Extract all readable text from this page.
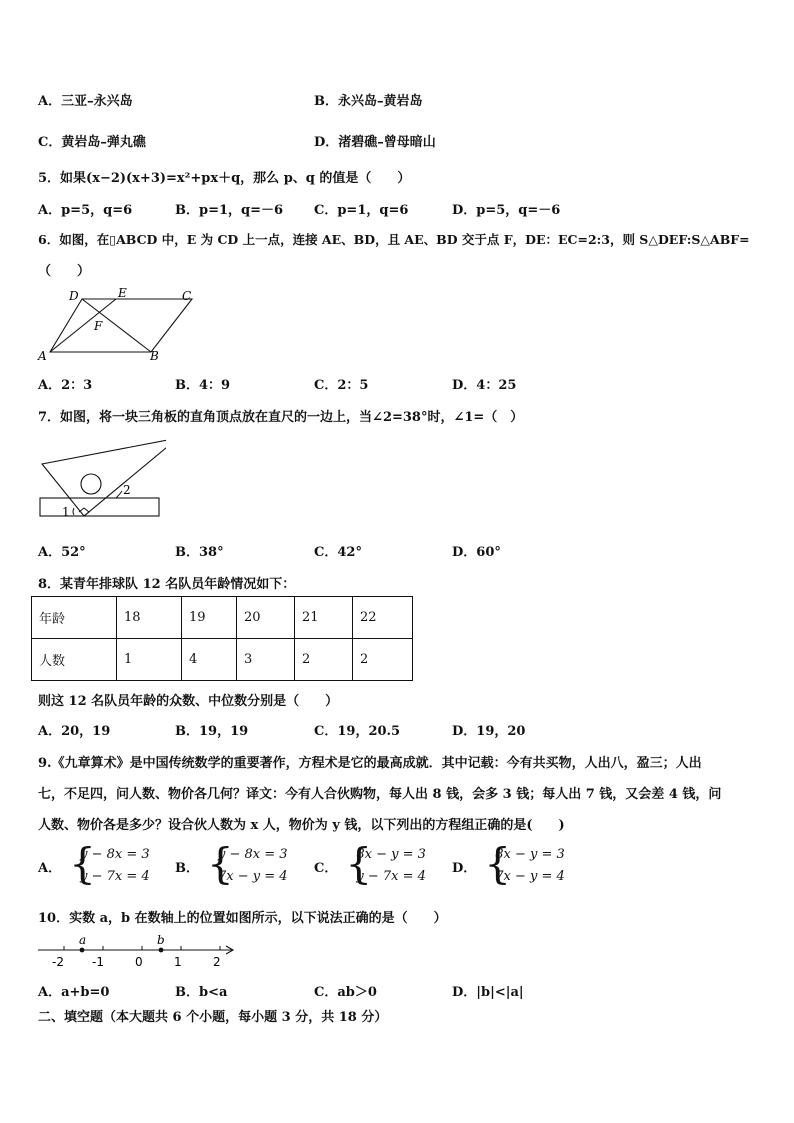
A．三亚–永兴岛	B．永兴岛–黄岩岛
C．黄岩岛–弹丸礁	D．渚碧礁–曾母暗山
5．如果(x−2)(x+3)=x²+px＋q，那么 p、q 的值是（　　）
A．p=5，q=6	B．p=1，q=－6 C．p=1，q=6	D．p=5，q=－6
6．如图，在▯ABCD 中，E 为 CD 上一点，连接 AE、BD，且 AE、BD 交于点 F，DE：EC=2:3，则 S△DEF:S△ABF=
（　　）
D	E	C
F
A	B
A．2：3	B．4：9	C．2：5	D．4：25
7．如图，将一块三角板的直角顶点放在直尺的一边上，当∠2=38°时，∠1=（　）
2
1
A．52°	B．38°	C．42°	D．60°
8．某青年排球队 12 名队员年龄情况如下：
年龄	18	19	20	21	22
人数	1	4	3	2	2
则这 12 名队员年龄的众数、中位数分别是（　　）
A．20，19	B．19，19	C．19，20.5	D．19，20
9.《九章算术》是中国传统数学的重要著作，方程术是它的最高成就．其中记载：今有共买物，人出八，盈三；人出
七，不足四，问人数、物价各几何？译文：今有人合伙购物，每人出 8 钱，会多 3 钱；每人出 7 钱，又会差 4 钱，问
人数、物价各是多少？设合伙人数为 x 人，物价为 y 钱，以下列出的方程组正确的是(　　)
A． {
y − 8x = 3
y − 7x = 4
B． {
y − 8x = 3
7x − y = 4
C． {
8x − y = 3
y − 7x = 4
D． {
8x − y = 3
7x − y = 4
10．实数 a，b 在数轴上的位置如图所示，以下说法正确的是（　　）
a	b
-2 -1	0	1	2
A．a+b=0	B．b<a	C．ab＞0	D．|b|<|a|
二、填空题（本大题共 6 个小题，每小题 3 分，共 18 分）
